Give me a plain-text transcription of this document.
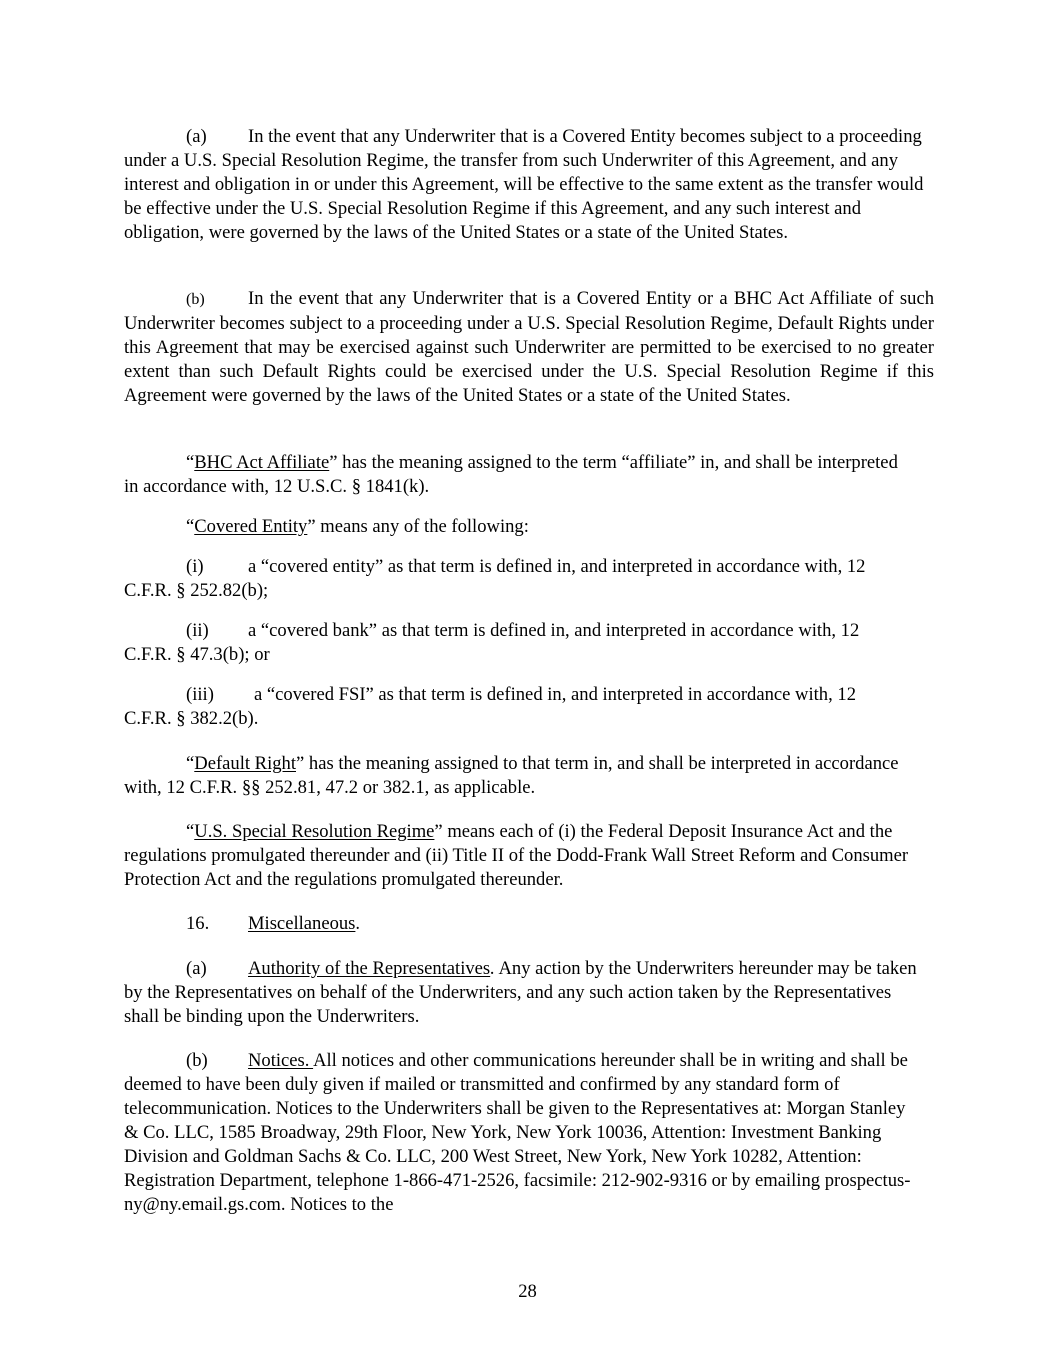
(a) In the event that any Underwriter that is a Covered Entity becomes subject to a proceeding under a U.S. Special Resolution Regime, the transfer from such Underwriter of this Agreement, and any interest and obligation in or under this Agreement, will be effective to the same extent as the transfer would be effective under the U.S. Special Resolution Regime if this Agreement, and any such interest and obligation, were governed by the laws of the United States or a state of the United States.

(b) In the event that any Underwriter that is a Covered Entity or a BHC Act Affiliate of such Underwriter becomes subject to a proceeding under a U.S. Special Resolution Regime, Default Rights under this Agreement that may be exercised against such Underwriter are permitted to be exercised to no greater extent than such Default Rights could be exercised under the U.S. Special Resolution Regime if this Agreement were governed by the laws of the United States or a state of the United States.

“BHC Act Affiliate” has the meaning assigned to the term “affiliate” in, and shall be interpreted in accordance with, 12 U.S.C. § 1841(k).

“Covered Entity” means any of the following:

(i) a “covered entity” as that term is defined in, and interpreted in accordance with, 12 C.F.R. § 252.82(b);

(ii) a “covered bank” as that term is defined in, and interpreted in accordance with, 12 C.F.R. § 47.3(b); or

(iii) a “covered FSI” as that term is defined in, and interpreted in accordance with, 12 C.F.R. § 382.2(b).

“Default Right” has the meaning assigned to that term in, and shall be interpreted in accordance with, 12 C.F.R. §§ 252.81, 47.2 or 382.1, as applicable.

“U.S. Special Resolution Regime” means each of (i) the Federal Deposit Insurance Act and the regulations promulgated thereunder and (ii) Title II of the Dodd-Frank Wall Street Reform and Consumer Protection Act and the regulations promulgated thereunder.

16. Miscellaneous.

(a) Authority of the Representatives. Any action by the Underwriters hereunder may be taken by the Representatives on behalf of the Underwriters, and any such action taken by the Representatives shall be binding upon the Underwriters.

(b) Notices. All notices and other communications hereunder shall be in writing and shall be deemed to have been duly given if mailed or transmitted and confirmed by any standard form of telecommunication. Notices to the Underwriters shall be given to the Representatives at: Morgan Stanley & Co. LLC, 1585 Broadway, 29th Floor, New York, New York 10036, Attention: Investment Banking Division and Goldman Sachs & Co. LLC, 200 West Street, New York, New York 10282, Attention: Registration Department, telephone 1-866-471-2526, facsimile: 212-902-9316 or by emailing prospectus-ny@ny.email.gs.com. Notices to the

28
